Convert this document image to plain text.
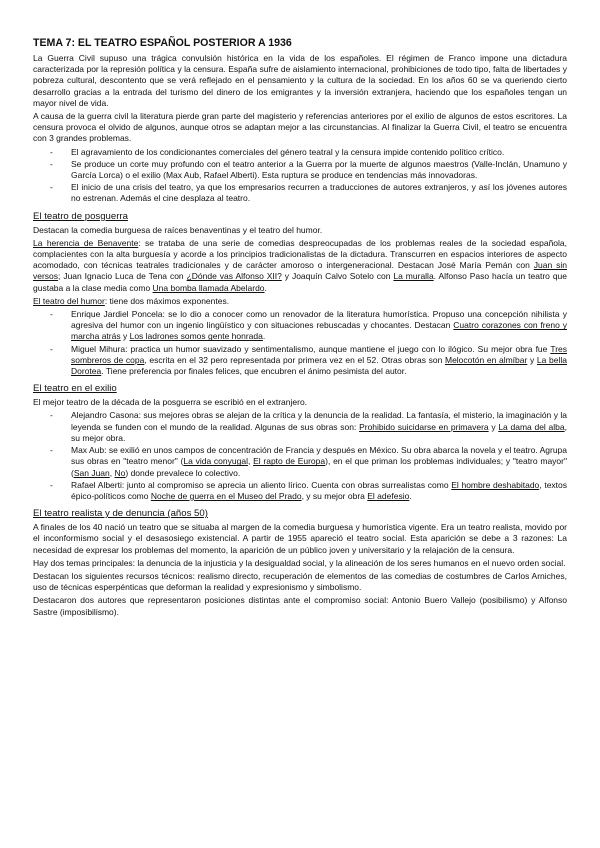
TEMA 7: EL TEATRO ESPAÑOL POSTERIOR A 1936

La Guerra Civil supuso una trágica convulsión histórica en la vida de los españoles. El régimen de Franco impone una dictadura caracterizada por la represión política y la censura. España sufre de aislamiento internacional, prohibiciones de todo tipo, falta de libertades y pobreza cultural, descontento que se verá reflejado en el pensamiento y la cultura de la sociedad. En los años 60 se va queriendo cierto desarrollo gracias a la entrada del turismo del dinero de los emigrantes y la inversión extranjera, haciendo que los españoles tengan un mayor nivel de vida.

A causa de la guerra civil la literatura pierde gran parte del magisterio y referencias anteriores por el exilio de algunos de estos escritores. La censura provoca el olvido de algunos, aunque otros se adaptan mejor a las circunstancias. Al finalizar la Guerra Civil, el teatro se encuentra con 3 grandes problemas.

- El agravamiento de los condicionantes comerciales del género teatral y la censura impide contenido político crítico.
- Se produce un corte muy profundo con el teatro anterior a la Guerra por la muerte de algunos maestros (Valle-Inclán, Unamuno y García Lorca) o el exilio (Max Aub, Rafael Alberti). Esta ruptura se produce en tendencias más innovadoras.
- El inicio de una crisis del teatro, ya que los empresarios recurren a traducciones de autores extranjeros, y así los jóvenes autores no estrenan. Además el cine desplaza al teatro.
El teatro de posguerra

Destacan la comedia burguesa de raíces benaventinas y el teatro del humor.

La herencia de Benavente: se trataba de una serie de comedias despreocupadas de los problemas reales de la sociedad española, complacientes con la alta burguesía y acorde a los principios tradicionalistas de la dictadura. Transcurren en espacios interiores de aspecto acomodado, con técnicas teatrales tradicionales y de carácter amoroso o intergeneracional. Destacan José María Pemán con Juan sin versos; Juan Ignacio Luca de Tena con ¿Dónde vas Alfonso XII? y Joaquín Calvo Sotelo con La muralla. Alfonso Paso hacía un teatro que gustaba a la clase media como Una bomba llamada Abelardo.

El teatro del humor: tiene dos máximos exponentes.

- Enrique Jardiel Poncela: se lo dio a conocer como un renovador de la literatura humorística. Propuso una concepción nihilista y agresiva del humor con un ingenio lingüístico y con situaciones rebuscadas y chocantes. Destacan Cuatro corazones con freno y marcha atrás y Los ladrones somos gente honrada.
- Miguel Mihura: practica un humor suavizado y sentimentalismo, aunque mantiene el juego con lo ilógico. Su mejor obra fue Tres sombreros de copa, escrita en el 32 pero representada por primera vez en el 52. Otras obras son Melocotón en almíbar y La bella Dorotea. Tiene preferencia por finales felices, que encubren el ánimo pesimista del autor.
El teatro en el exilio

El mejor teatro de la década de la posguerra se escribió en el extranjero.

- Alejandro Casona: sus mejores obras se alejan de la crítica y la denuncia de la realidad. La fantasía, el misterio, la imaginación y la leyenda se funden con el mundo de la realidad. Algunas de sus obras son: Prohibido suicidarse en primavera y La dama del alba, su mejor obra.
- Max Aub: se exilió en unos campos de concentración de Francia y después en México. Su obra abarca la novela y el teatro. Agrupa sus obras en "teatro menor" (La vida conyugal, El rapto de Europa), en el que priman los problemas individuales; y "teatro mayor" (San Juan, No) donde prevalece lo colectivo.
- Rafael Alberti: junto al compromiso se aprecia un aliento lírico. Cuenta con obras surrealistas como El hombre deshabitado, textos épico-políticos como Noche de guerra en el Museo del Prado, y su mejor obra El adefesio.
El teatro realista y de denuncia (años 50)

A finales de los 40 nació un teatro que se situaba al margen de la comedia burguesa y humorística vigente. Era un teatro realista, movido por el inconformismo social y el desasosiego existencial. A partir de 1955 apareció el teatro social. Esta aparición se debe a 3 razones: La necesidad de expresar los problemas del momento, la aparición de un público joven y universitario y la relajación de la censura.

Hay dos temas principales: la denuncia de la injusticia y la desigualdad social, y la alineación de los seres humanos en el nuevo orden social.

Destacan los siguientes recursos técnicos: realismo directo, recuperación de elementos de las comedias de costumbres de Carlos Arniches, uso de técnicas esperpénticas que deforman la realidad y expresionismo y simbolismo.

Destacaron dos autores que representaron posiciones distintas ante el compromiso social: Antonio Buero Vallejo (posibilismo) y Alfonso Sastre (imposibilismo).
